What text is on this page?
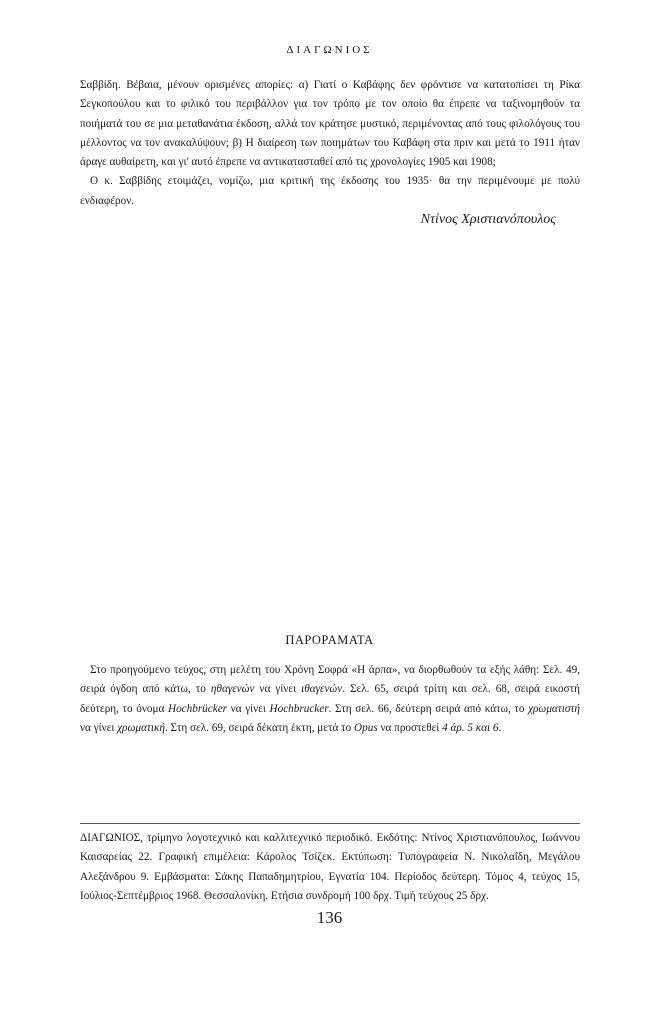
ΔΙΑΓΩΝΙΟΣ

Σαββίδη. Βέβαια, μένουν ορισμένες απορίες: α) Γιατί ο Καβάφης δεν φρόντισε να κατατοπίσει τη Ρίκα Σεγκοπούλου και το φιλικό του περιβάλλον για τον τρόπο με τον οποίο θα έπρεπε να ταξινομηθούν τα ποιήματά του σε μια μεταθανάτια έκδοση, αλλά τον κράτησε μυστικό, περιμένοντας από τους φιλολόγους του μέλλοντος να τον ανακαλύψουν; β) Η διαίρεση των ποιημάτων του Καβάφη στα πριν και μετά το 1911 ήταν άραγε αυθαίρετη, και γι' αυτό έπρεπε να αντικατασταθεί από τις χρονολογίες 1905 και 1908;

Ο κ. Σαββίδης ετοιμάζει, νομίζω, μια κριτική της έκδοσης του 1935· θα την περιμένουμε με πολύ ενδιαφέρον.

Ντίνος Χριστιανόπουλος
ΠΑΡΟΡΑΜΑΤΑ

Στο προηγούμενο τεύχος, στη μελέτη του Χρόνη Σοφρά «Η άρπα», να διορθωθούν τα εξής λάθη: Σελ. 49, σειρά όγδοη από κάτω, το ηθαγενών να γίνει ιθαγενών. Σελ. 65, σειρά τρίτη και σελ. 68, σειρά εικοστή δεύτερη, το όνομα Hochbrücker να γίνει Hochbrucker. Στη σελ. 66, δεύτερη σειρά από κάτω, το χρωματιστή να γίνει χρωματική. Στη σελ. 69, σειρά δέκατη έκτη, μετά το Opus να προστεθεί 4 άρ. 5 και 6.

ΔΙΑΓΩΝΙΟΣ, τρίμηνο λογοτεχνικό και καλλιτεχνικό περιοδικό. Εκδότης: Ντίνος Χριστιανόπουλος, Ιωάννου Καισαρείας 22. Γραφική επιμέλεια: Κάρολος Τσίζεκ. Εκτύπωση: Τυπογραφεία Ν. Νικολαΐδη, Μεγάλου Αλεξάνδρου 9. Εμβάσματα: Σάκης Παπαδημητρίου, Εγνατία 104. Περίοδος δεύτερη. Τόμος 4, τεύχος 15, Ιούλιος-Σεπτέμβριος 1968. Θεσσαλονίκη. Ετήσια συνδρομή 100 δρχ. Τιμή τεύχους 25 δρχ.

136
